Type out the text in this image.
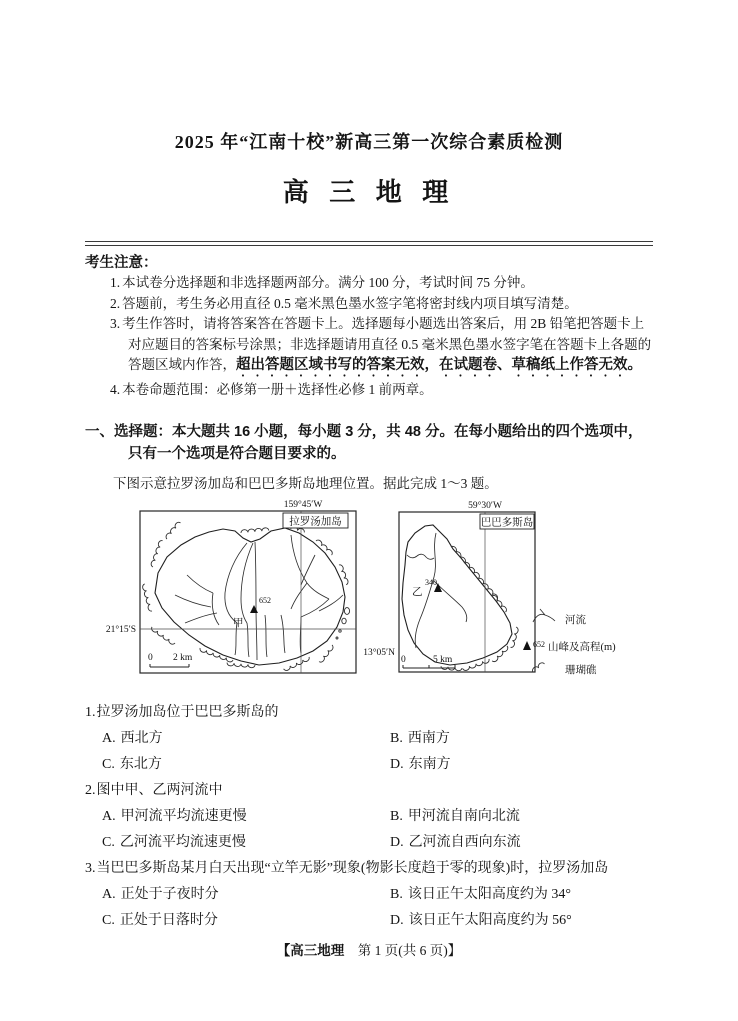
2025 年“江南十校”新高三第一次综合素质检测
高 三 地 理
考生注意：
1. 本试卷分选择题和非选择题两部分。满分 100 分，考试时间 75 分钟。
2. 答题前，考生务必用直径 0.5 毫米黑色墨水签字笔将密封线内项目填写清楚。
3. 考生作答时，请将答案答在答题卡上。选择题每小题选出答案后，用 2B 铅笔把答题卡上对应题目的答案标号涂黑；非选择题请用直径 0.5 毫米黑色墨水签字笔在答题卡上各题的答题区域内作答，超出答题区域书写的答案无效，在试题卷、草稿纸上作答无效。
4. 本卷命题范围：必修第一册＋选择性必修 1 前两章。
一、选择题：本大题共 16 小题，每小题 3 分，共 48 分。在每小题给出的四个选项中，只有一个选项是符合题目要求的。
下图示意拉罗汤加岛和巴巴多斯岛地理位置。据此完成 1～3 题。
159°45′W
21°15′S
拉罗汤加岛
652
甲
0 2 km
59°30′W
13°05′N
巴巴多斯岛
340
乙
0	5 km
河流
652 山峰及高程(m)
珊瑚礁
1.拉罗汤加岛位于巴巴多斯岛的
A. 西北方	B. 西南方
C. 东北方	D. 东南方
2.图中甲、乙两河流中
A. 甲河流平均流速更慢	B. 甲河流自南向北流
C. 乙河流平均流速更慢	D. 乙河流自西向东流
3.当巴巴多斯岛某月白天出现“立竿无影”现象(物影长度趋于零的现象)时，拉罗汤加岛
A. 正处于子夜时分	B. 该日正午太阳高度约为 34°
C. 正处于日落时分	D. 该日正午太阳高度约为 56°
【高三地理　第 1 页(共 6 页)】
